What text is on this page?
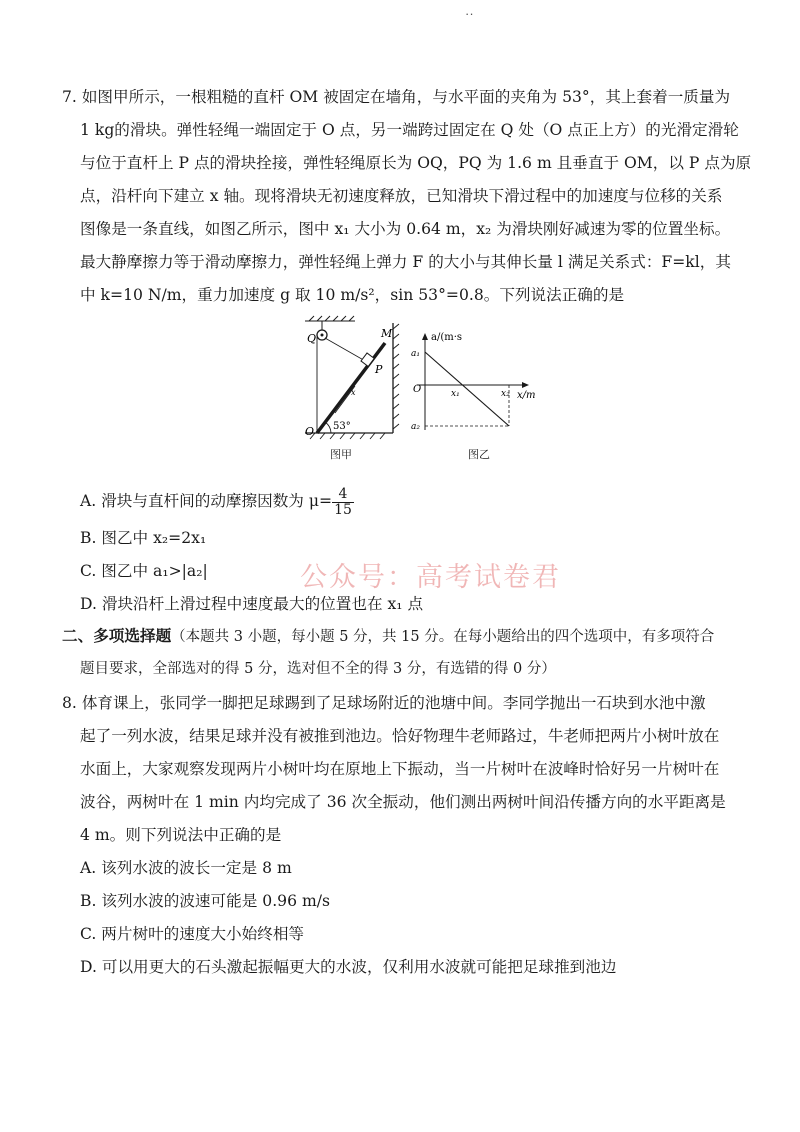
··
7. 如图甲所示，一根粗糙的直杆 OM 被固定在墙角，与水平面的夹角为 53°，其上套着一质量为
1 kg的滑块。弹性轻绳一端固定于 O 点，另一端跨过固定在 Q 处（O 点正上方）的光滑定滑轮
与位于直杆上 P 点的滑块拴接，弹性轻绳原长为 OQ，PQ 为 1.6 m 且垂直于 OM，以 P 点为原
点，沿杆向下建立 x 轴。现将滑块无初速度释放，已知滑块下滑过程中的加速度与位移的关系
图像是一条直线，如图乙所示，图中 x₁ 大小为 0.64 m，x₂ 为滑块刚好减速为零的位置坐标。
最大静摩擦力等于滑动摩擦力，弹性轻绳上弹力 F 的大小与其伸长量 l 满足关系式：F=kl，其
中 k=10 N/m，重力加速度 g 取 10 m/s²，sin 53°=0.8。下列说法正确的是
Q	M
P
O 53°
x
图甲
a/(m·s
x/m
O
a₁
a₂
x₁	x₂
图乙
A. 滑块与直杆间的动摩擦因数为 $\mu= \frac{4}{15}$
B. 图乙中 x₂=2x₁
C. 图乙中 a₁>|a₂|
D. 滑块沿杆上滑过程中速度最大的位置也在 x₁ 点
公众号：高考试卷君
二、多项选择题（本题共 3 小题，每小题 5 分，共 15 分。在每小题给出的四个选项中，有多项符合
题目要求，全部选对的得 5 分，选对但不全的得 3 分，有选错的得 0 分）
8. 体育课上，张同学一脚把足球踢到了足球场附近的池塘中间。李同学抛出一石块到水池中激
起了一列水波，结果足球并没有被推到池边。恰好物理牛老师路过，牛老师把两片小树叶放在
水面上，大家观察发现两片小树叶均在原地上下振动，当一片树叶在波峰时恰好另一片树叶在
波谷，两树叶在 1 min 内均完成了 36 次全振动，他们测出两树叶间沿传播方向的水平距离是
4 m。则下列说法中正确的是
A. 该列水波的波长一定是 8 m
B. 该列水波的波速可能是 0.96 m/s
C. 两片树叶的速度大小始终相等
D. 可以用更大的石头激起振幅更大的水波，仅利用水波就可能把足球推到池边
